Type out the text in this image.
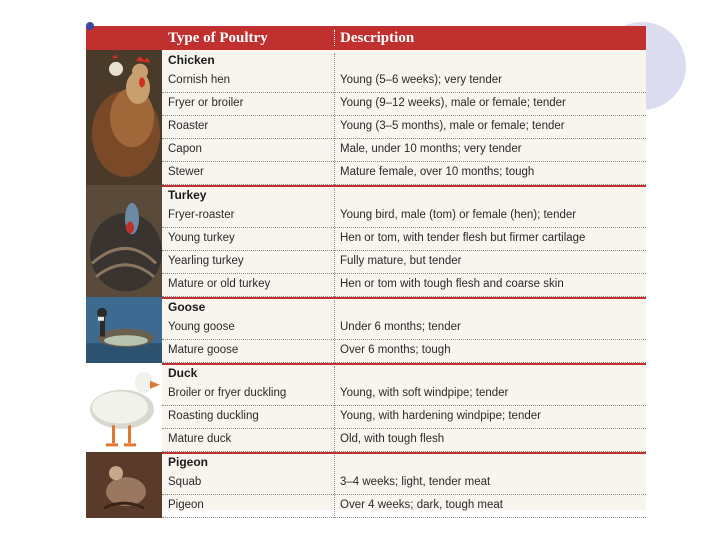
Type of Poultry	Description
Chicken
Cornish hen	Young (5–6 weeks); very tender
Fryer or broiler	Young (9–12 weeks), male or female; tender
Roaster	Young (3–5 months), male or female; tender
Capon	Male, under 10 months; very tender
Stewer	Mature female, over 10 months; tough
Turkey
Fryer-roaster	Young bird, male (tom) or female (hen); tender
Young turkey	Hen or tom, with tender flesh but firmer cartilage
Yearling turkey	Fully mature, but tender
Mature or old turkey	Hen or tom with tough flesh and coarse skin
Goose
Young goose	Under 6 months; tender
Mature goose	Over 6 months; tough
Duck
Broiler or fryer duckling	Young, with soft windpipe; tender
Roasting duckling	Young, with hardening windpipe; tender
Mature duck	Old, with tough flesh
Pigeon
Squab	3–4 weeks; light, tender meat
Pigeon	Over 4 weeks; dark, tough meat
